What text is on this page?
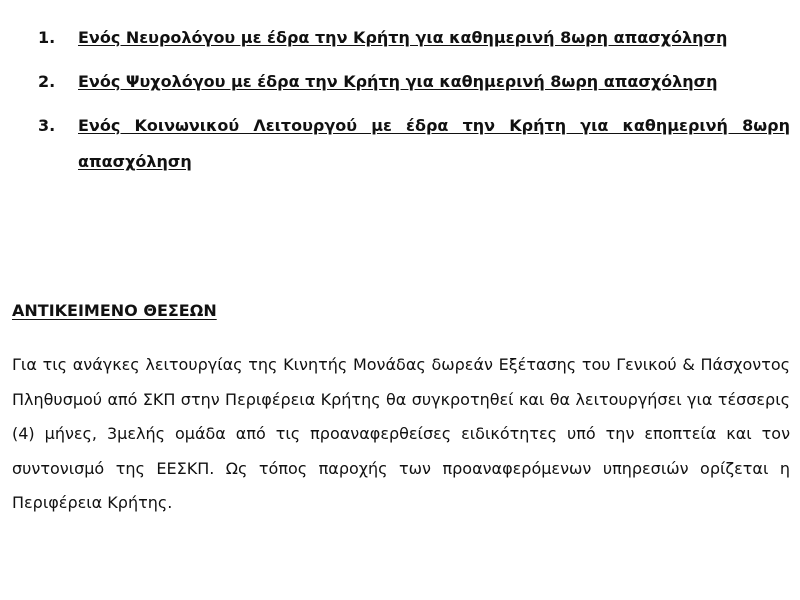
1.	Ενός Νευρολόγου με έδρα την Κρήτη για καθημερινή 8ωρη απασχόληση
2.	Ενός Ψυχολόγου με έδρα την Κρήτη για καθημερινή 8ωρη απασχόληση
3.	Ενός Κοινωνικού Λειτουργού με έδρα την Κρήτη για καθημερινή 8ωρη απασχόληση
ΑΝΤΙΚΕΙΜΕΝΟ ΘΕΣΕΩΝ

Για τις ανάγκες λειτουργίας της Κινητής Μονάδας δωρεάν Εξέτασης του Γενικού & Πάσχοντος Πληθυσμού από ΣΚΠ στην Περιφέρεια Κρήτης θα συγκροτηθεί και θα λειτουργήσει για τέσσερις (4) μήνες, 3μελής ομάδα από τις προαναφερθείσες ειδικότητες υπό την εποπτεία και τον συντονισμό της ΕΕΣΚΠ. Ως τόπος παροχής των προαναφερόμενων υπηρεσιών ορίζεται η Περιφέρεια Κρήτης.
